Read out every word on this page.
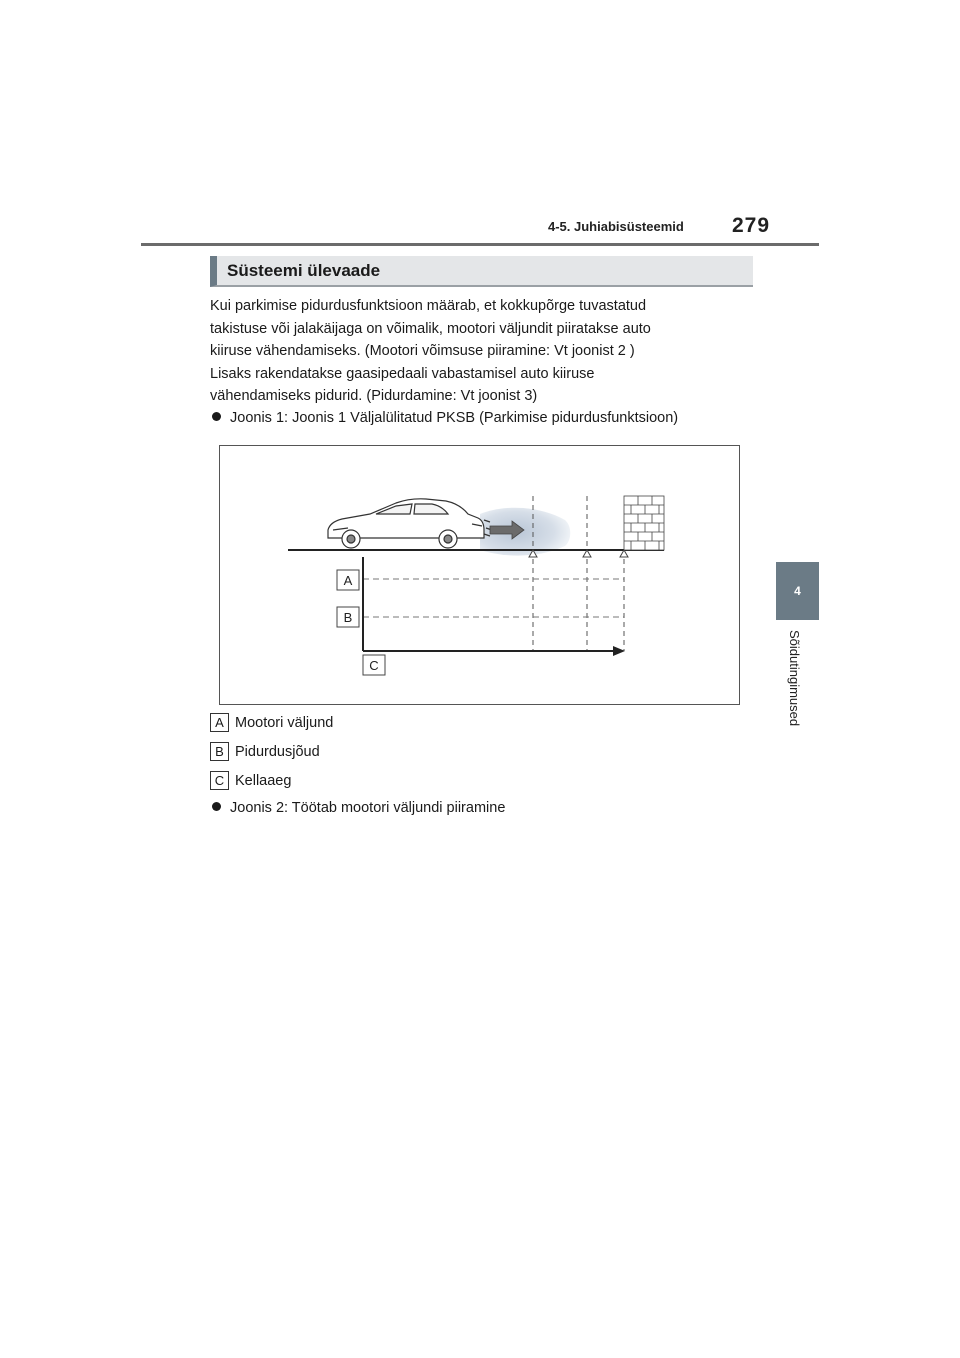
4-5. Juhiabisüsteemid 279
4
Sõidutingimused
Süsteemi ülevaade
Kui parkimise pidurdusfunktsioon määrab, et kokkupõrge tuvastatud
takistuse või jalakäijaga on võimalik, mootori väljundit piiratakse auto
kiiruse vähendamiseks. (Mootori võimsuse piiramine: Vt joonist 2 )
Lisaks rakendatakse gaasipedaali vabastamisel auto kiiruse
vähendamiseks pidurid. (Pidurdamine: Vt joonist 3)
Joonis 1: Joonis 1 Väljalülitatud PKSB (Parkimise pidurdusfunktsioon)
A
B
C
A Mootori väljund
B Pidurdusjõud
C Kellaaeg
Joonis 2: Töötab mootori väljundi piiramine
